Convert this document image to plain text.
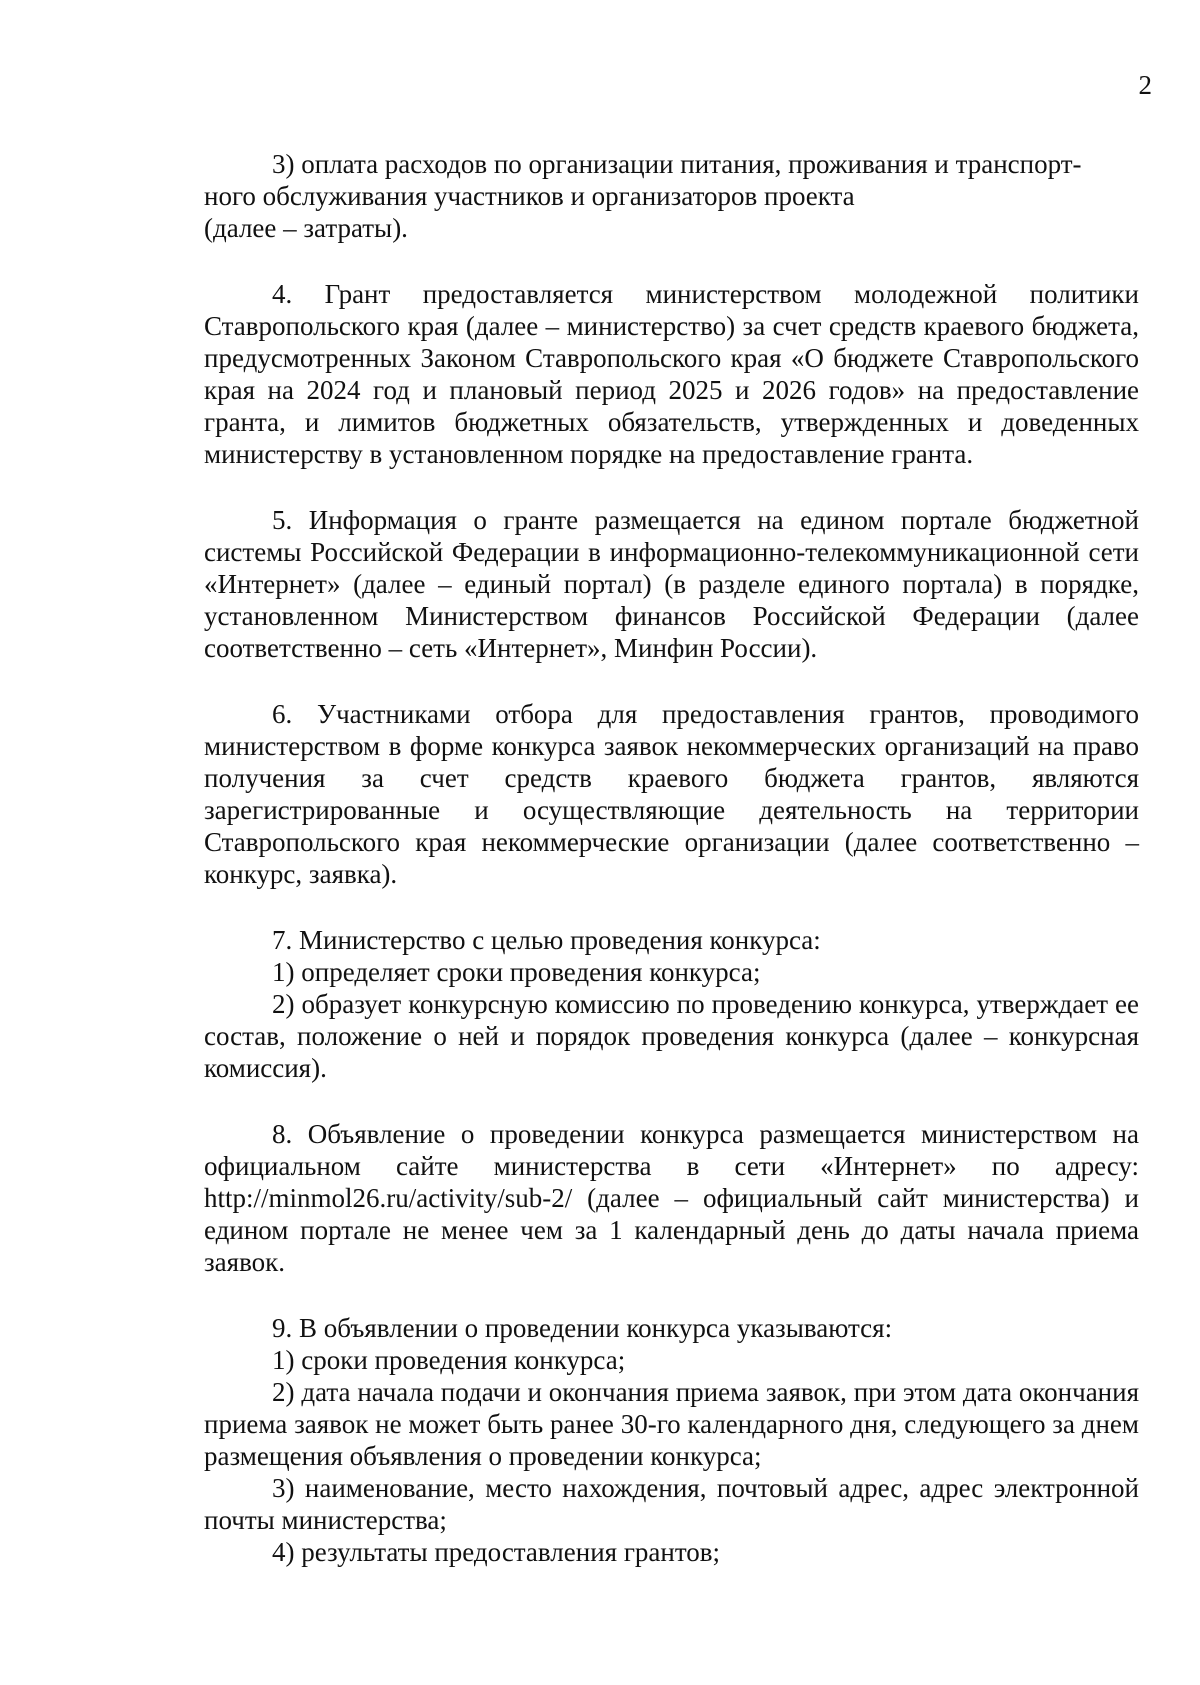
2

3) оплата расходов по организации питания, проживания и транспорт-

ного обслуживания участников и организаторов проекта

(далее – затраты).

4. Грант предоставляется министерством молодежной политики Ставропольского края (далее – министерство) за счет средств краевого бюджета, предусмотренных Законом Ставропольского края «О бюджете Ставропольского края на 2024 год и плановый период 2025 и 2026 годов» на предоставление гранта, и лимитов бюджетных обязательств, утвержденных и доведенных министерству в установленном порядке на предоставление гранта.

5. Информация о гранте размещается на едином портале бюджетной системы Российской Федерации в информационно-телекоммуникационной сети «Интернет» (далее – единый портал) (в разделе единого портала) в порядке, установленном Министерством финансов Российской Федерации (далее соответственно – сеть «Интернет», Минфин России).

6. Участниками отбора для предоставления грантов, проводимого министерством в форме конкурса заявок некоммерческих организаций на право получения за счет средств краевого бюджета грантов, являются зарегистрированные и осуществляющие деятельность на территории Ставропольского края некоммерческие организации (далее соответственно – конкурс, заявка).

7. Министерство с целью проведения конкурса:

1) определяет сроки проведения конкурса;

2) образует конкурсную комиссию по проведению конкурса, утверждает ее состав, положение о ней и порядок проведения конкурса (далее – конкурсная комиссия).

8. Объявление о проведении конкурса размещается министерством на

официальном сайте министерства в сети «Интернет» по адресу:

http://minmol26.ru/activity/sub-2/ (далее – официальный сайт министерства) и едином портале не менее чем за 1 календарный день до даты начала приема заявок.

9. В объявлении о проведении конкурса указываются:

1) сроки проведения конкурса;

2) дата начала подачи и окончания приема заявок, при этом дата окончания приема заявок не может быть ранее 30-го календарного дня, следующего за днем размещения объявления о проведении конкурса;

3) наименование, место нахождения, почтовый адрес, адрес электронной почты министерства;

4) результаты предоставления грантов;
